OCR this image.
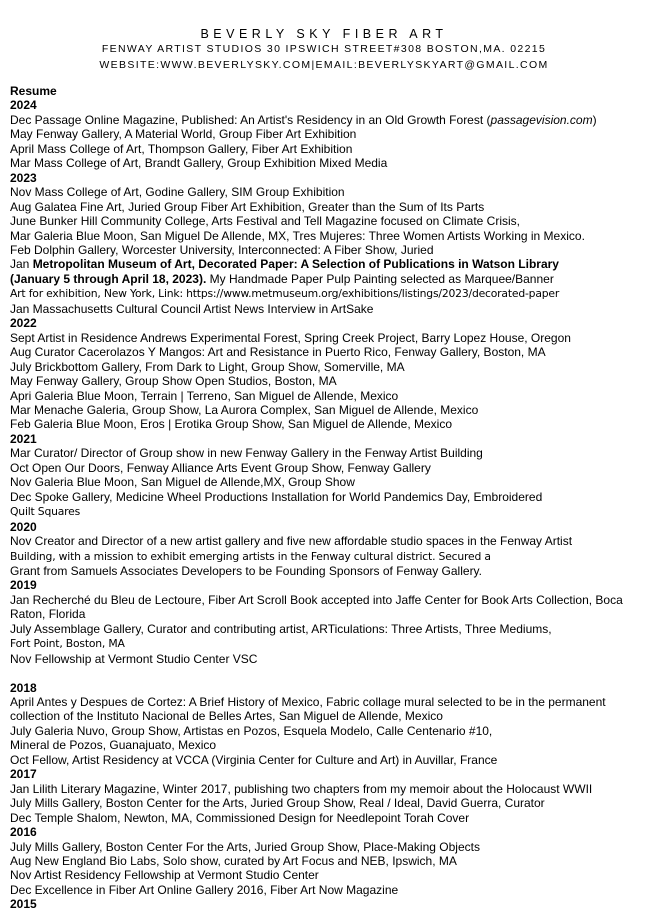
BEVERLY SKY FIBER ART
FENWAY ARTIST STUDIOS 30 IPSWICH STREET#308 BOSTON,MA. 02215
WEBSITE:WWW.BEVERLYSKY.COM|EMAIL:BEVERLYSKYART@GMAIL.COM
Resume
2024
Dec Passage Online Magazine, Published: An Artist's Residency in an Old Growth Forest (passagevision.com)
May Fenway Gallery, A Material World, Group Fiber Art Exhibition
April Mass College of Art, Thompson Gallery, Fiber Art Exhibition
Mar Mass College of Art, Brandt Gallery, Group Exhibition Mixed Media
2023
Nov Mass College of Art, Godine Gallery, SIM Group Exhibition
Aug Galatea Fine Art, Juried Group Fiber Art Exhibition, Greater than the Sum of Its Parts
June Bunker Hill Community College, Arts Festival and Tell Magazine focused on Climate Crisis,
Mar Galeria Blue Moon, San Miguel De Allende, MX, Tres Mujeres: Three Women Artists Working in Mexico.
Feb Dolphin Gallery, Worcester University, Interconnected: A Fiber Show, Juried
Jan Metropolitan Museum of Art, Decorated Paper: A Selection of Publications in Watson Library
(January 5 through April 18, 2023). My Handmade Paper Pulp Painting selected as Marquee/Banner
Art for exhibition, New York, Link: https://www.metmuseum.org/exhibitions/listings/2023/decorated-paper
Jan Massachusetts Cultural Council Artist News Interview in ArtSake
2022
Sept Artist in Residence Andrews Experimental Forest, Spring Creek Project, Barry Lopez House, Oregon
Aug Curator Cacerolazos Y Mangos: Art and Resistance in Puerto Rico, Fenway Gallery, Boston, MA
July Brickbottom Gallery, From Dark to Light, Group Show, Somerville, MA
May Fenway Gallery, Group Show Open Studios, Boston, MA
Apri Galeria Blue Moon, Terrain | Terreno, San Miguel de Allende, Mexico
Mar Menache Galeria, Group Show, La Aurora Complex, San Miguel de Allende, Mexico
Feb Galeria Blue Moon, Eros | Erotika Group Show, San Miguel de Allende, Mexico
2021
Mar Curator/ Director of Group show in new Fenway Gallery in the Fenway Artist Building
Oct Open Our Doors, Fenway Alliance Arts Event Group Show, Fenway Gallery
Nov Galeria Blue Moon, San Miguel de Allende,MX, Group Show
Dec Spoke Gallery, Medicine Wheel Productions Installation for World Pandemics Day, Embroidered
Quilt Squares
2020
Nov Creator and Director of a new artist gallery and five new affordable studio spaces in the Fenway Artist
Building, with a mission to exhibit emerging artists in the Fenway cultural district. Secured a
Grant from Samuels Associates Developers to be Founding Sponsors of Fenway Gallery.
2019
Jan Recherché du Bleu de Lectoure, Fiber Art Scroll Book accepted into Jaffe Center for Book Arts Collection, Boca
Raton, Florida
July Assemblage Gallery, Curator and contributing artist, ARTiculations: Three Artists, Three Mediums,
Fort Point, Boston, MA
Nov Fellowship at Vermont Studio Center VSC

2018
April Antes y Despues de Cortez: A Brief History of Mexico, Fabric collage mural selected to be in the permanent
collection of the Instituto Nacional de Belles Artes, San Miguel de Allende, Mexico
July Galeria Nuvo, Group Show, Artistas en Pozos, Esquela Modelo, Calle Centenario #10,
Mineral de Pozos, Guanajuato, Mexico
Oct Fellow, Artist Residency at VCCA (Virginia Center for Culture and Art) in Auvillar, France
2017
Jan Lilith Literary Magazine, Winter 2017, publishing two chapters from my memoir about the Holocaust WWII
July Mills Gallery, Boston Center for the Arts, Juried Group Show, Real / Ideal, David Guerra, Curator
Dec Temple Shalom, Newton, MA, Commissioned Design for Needlepoint Torah Cover
2016
July Mills Gallery, Boston Center For the Arts, Juried Group Show, Place-Making Objects
Aug New England Bio Labs, Solo show, curated by Art Focus and NEB, Ipswich, MA
Nov Artist Residency Fellowship at Vermont Studio Center
Dec Excellence in Fiber Art Online Gallery 2016, Fiber Art Now Magazine
2015
